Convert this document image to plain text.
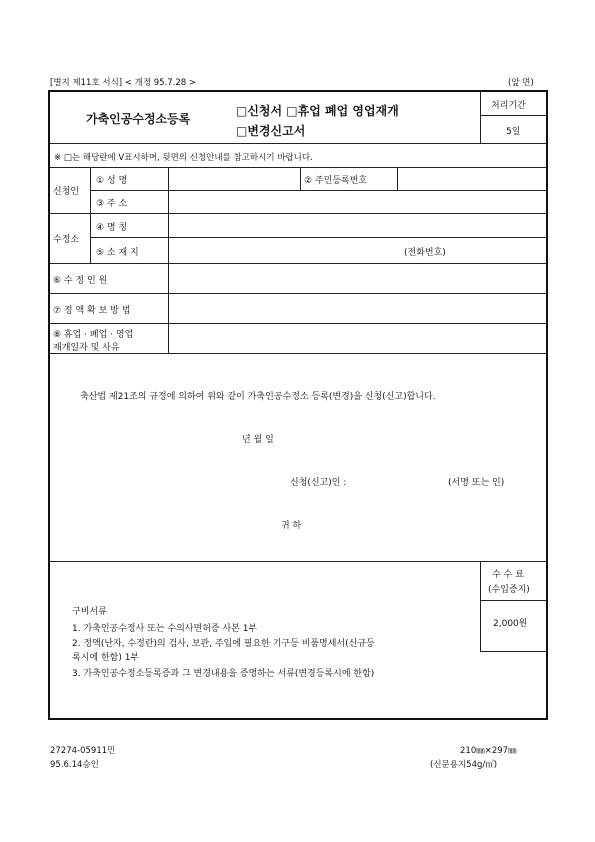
[별지 제11호 서식] < 개정 95.7.28 >	(앞 면)
가축인공수정소등록
□신청서 □휴업 폐업 영업재개
□변경신고서
처리기간
5일
※ □는 해당란에 V표시하며, 뒷면의 신청안내를 참고하시기 바랍니다.
신청인
① 성 명	② 주민등록번호
③ 주 소
수정소
④ 명 칭
⑤ 소 재 지	(전화번호)
⑥ 수 정 인 원
⑦ 정 액 확 보 방 법
⑧ 휴업 · 폐업 · 영업
재개일자 및 사유
축산법 제21조의 규정에 의하여 위와 같이 가축인공수정소 등록(변경)을 신청(신고)합니다.
년 월 일
신청(신고)인 :	(서명 또는 인)
귀 하
수 수 료
(수입증지)
2,000원
구비서류
1. 가축인공수정사 또는 수의사면허증 사본 1부
2. 정액(난자, 수정란)의 검사, 보관, 주입에 필요한 기구등 비품명세서(신규등
록시에 한함) 1부
3. 가축인공수정소등록증과 그 변경내용을 증명하는 서류(변경등록시에 한함)
27274-05911민
95.6.14승인
210㎜×297㎜
(신문용지54g/㎡)
